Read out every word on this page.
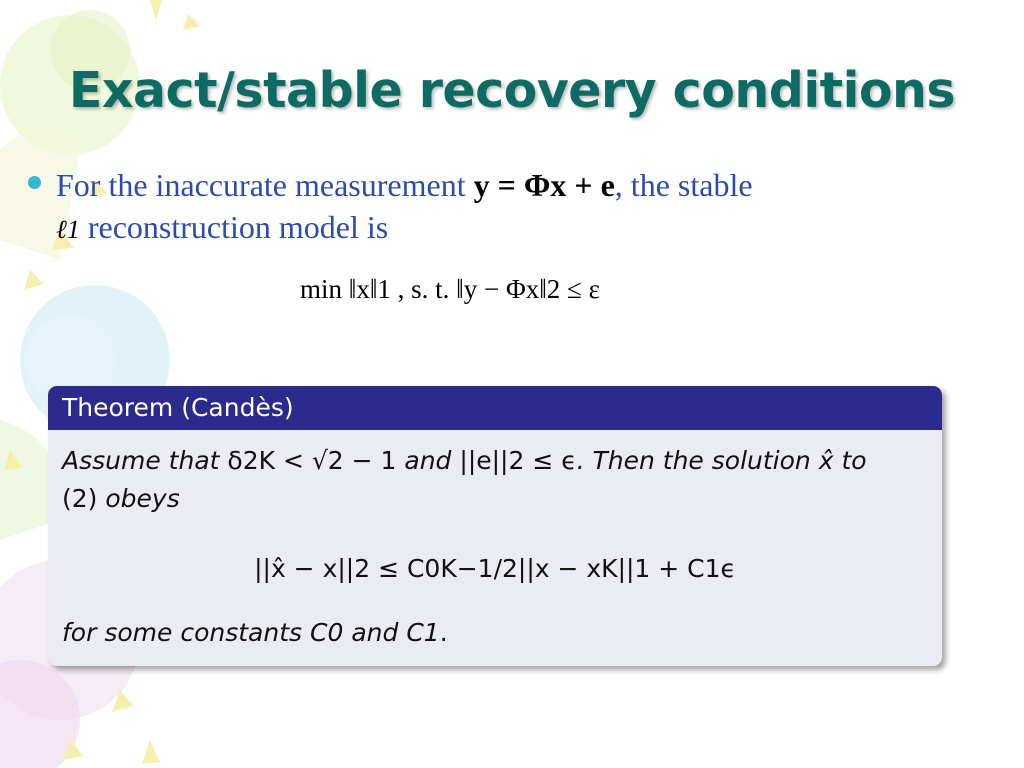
Exact/stable recovery conditions
For the inaccurate measurement y = Φx + e, the stable
ℓ1 reconstruction model is
min ‖x‖1 , s. t. ‖y − Φx‖2 ≤ ε
Theorem (Candès)
Assume that δ2K < √2 − 1 and ||e||2 ≤ ϵ. Then the solution x̂ to
(2) obeys
||x̂ − x||2 ≤ C0K−1/2||x − xK||1 + C1ϵ
for some constants C0 and C1.
